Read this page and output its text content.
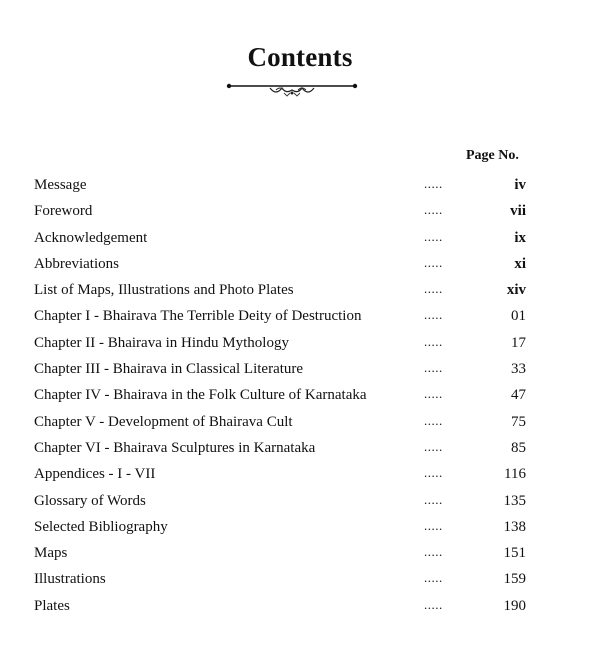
Contents
Page No.
Message	.....	iv
Foreword	.....	vii
Acknowledgement	.....	ix
Abbreviations	.....	xi
List of Maps, Illustrations and Photo Plates	.....	xiv
Chapter I - Bhairava The Terrible Deity of Destruction	.....	01
Chapter II - Bhairava in Hindu Mythology	.....	17
Chapter III - Bhairava in Classical Literature	.....	33
Chapter IV - Bhairava in the Folk Culture of Karnataka	.....	47
Chapter V - Development of Bhairava Cult	.....	75
Chapter VI - Bhairava Sculptures in Karnataka	.....	85
Appendices - I - VII	.....	116
Glossary of Words	.....	135
Selected Bibliography	.....	138
Maps	.....	151
Illustrations	.....	159
Plates	.....	190
